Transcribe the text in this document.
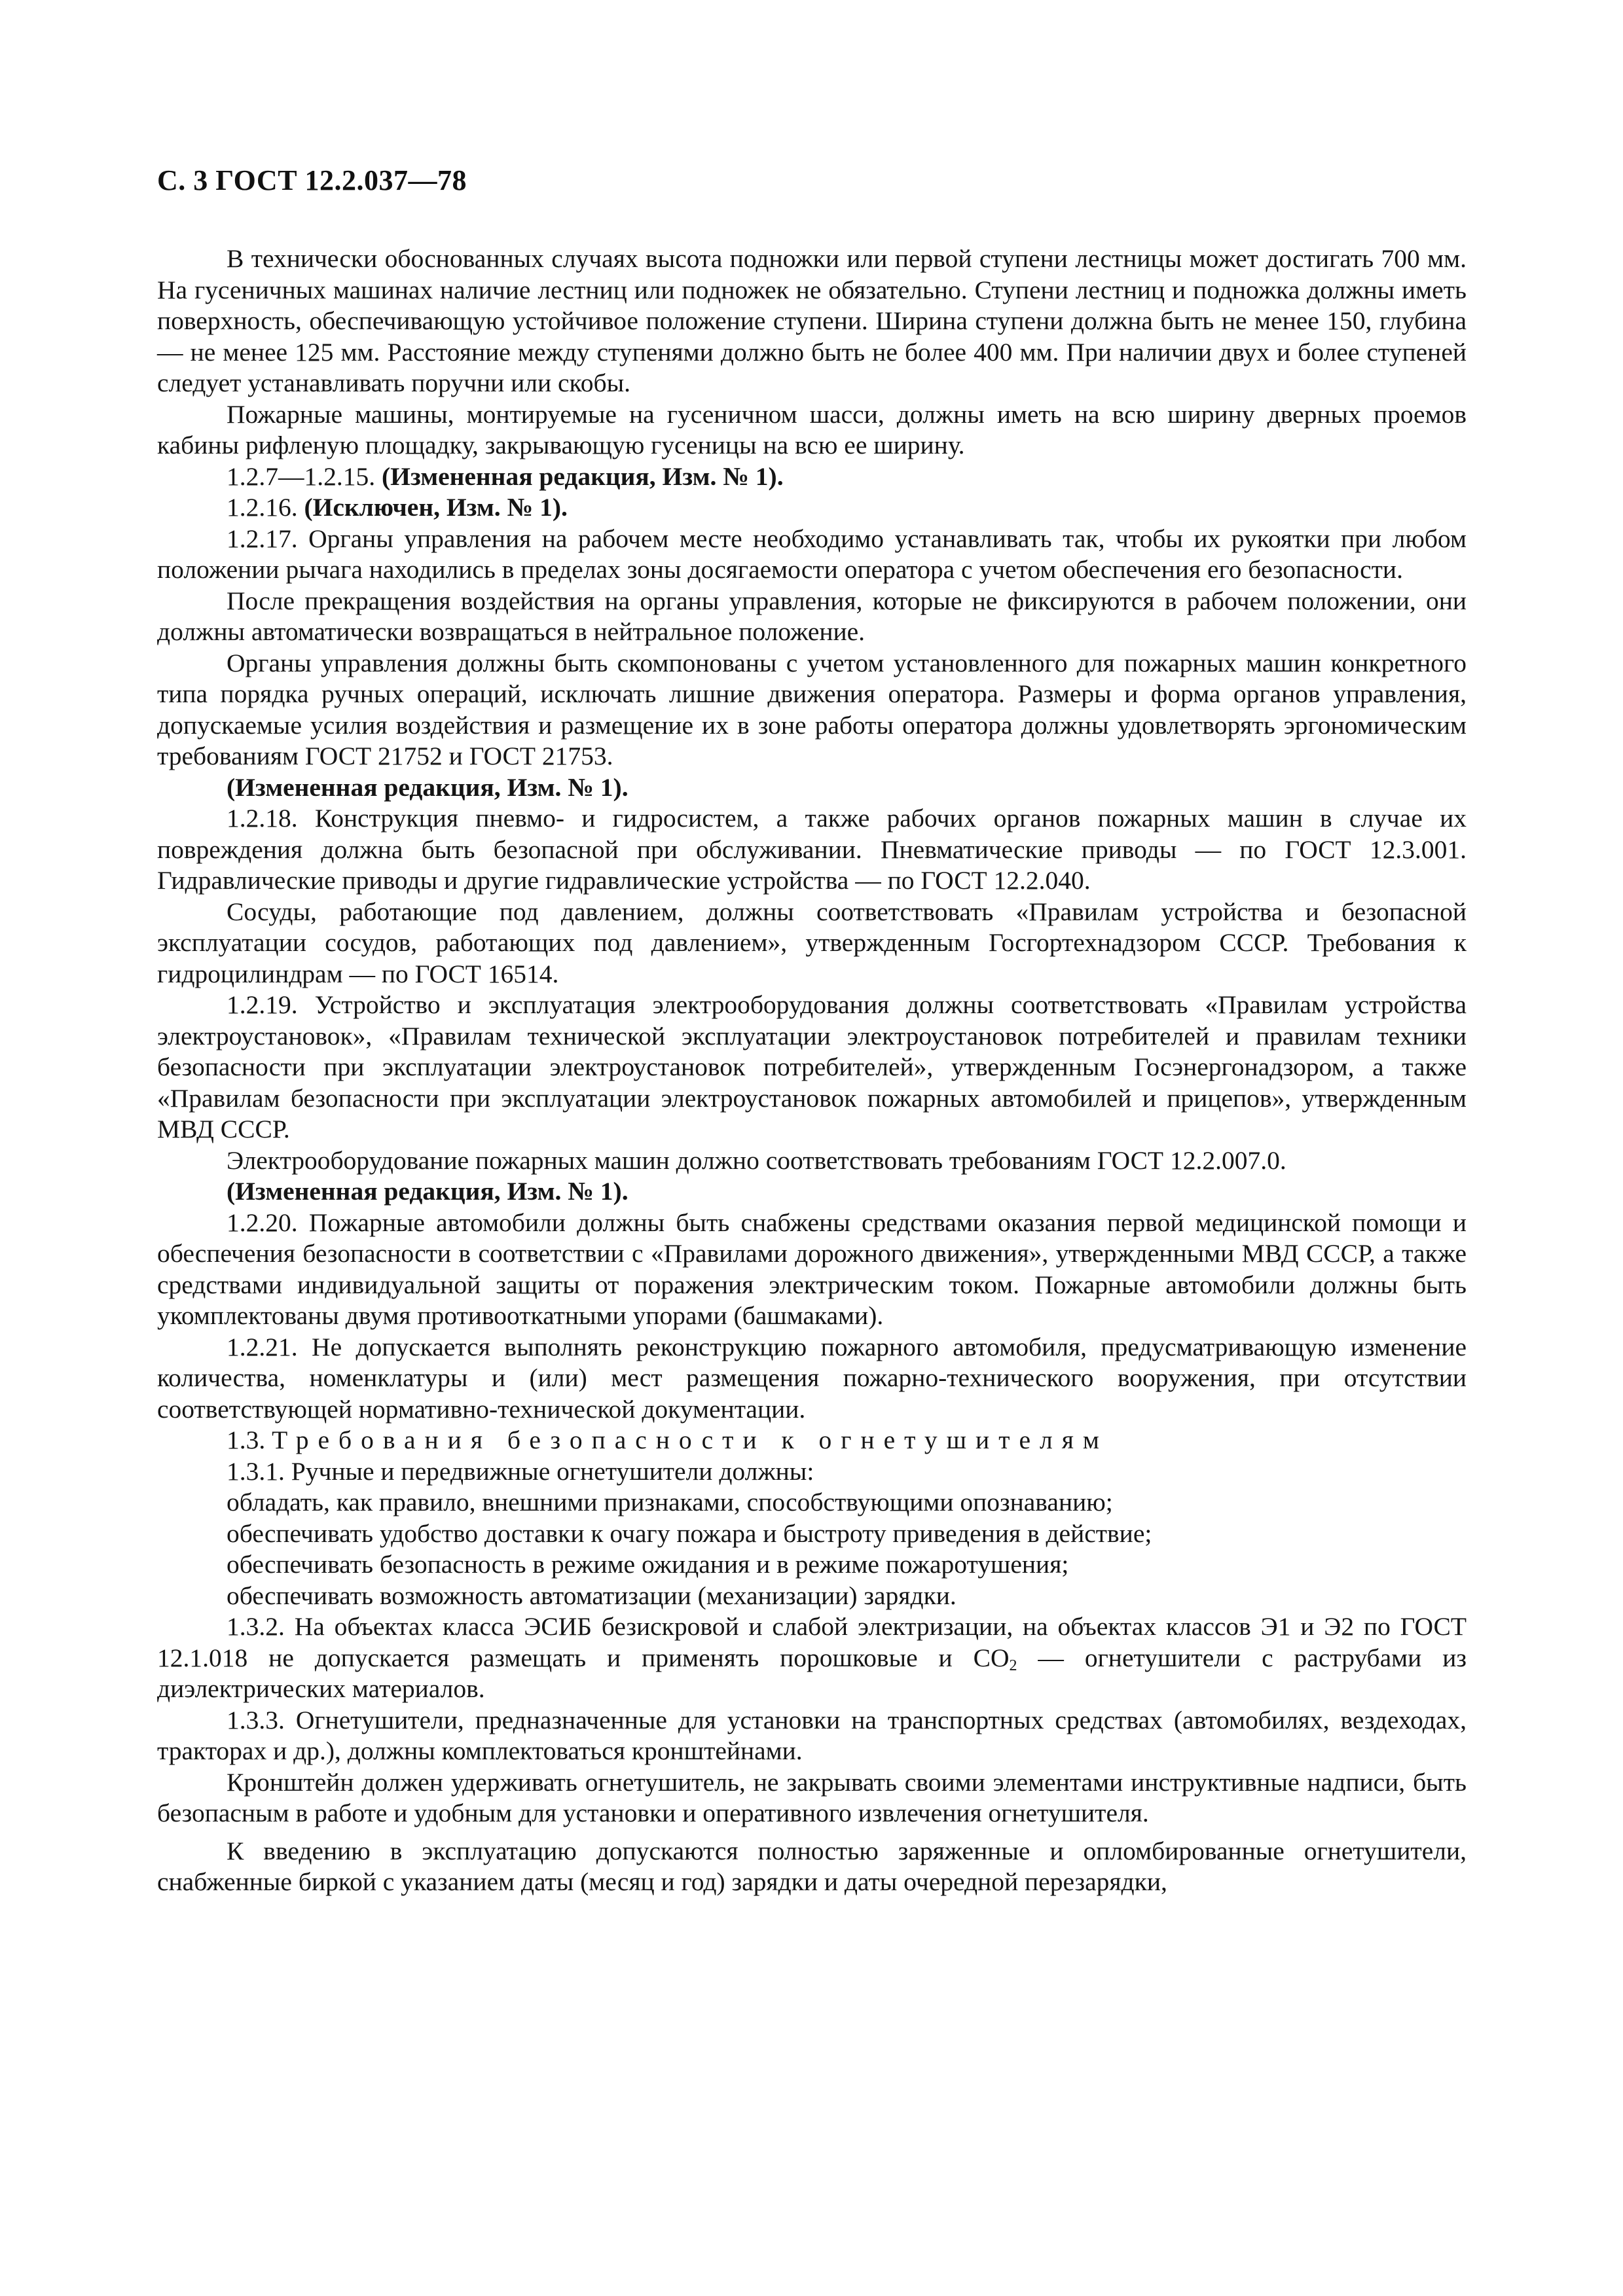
С. 3 ГОСТ 12.2.037—78

В технически обоснованных случаях высота подножки или первой ступени лестницы может достигать 700 мм. На гусеничных машинах наличие лестниц или подножек не обязательно. Ступени лестниц и подножка должны иметь поверхность, обеспечивающую устойчивое положение ступени. Ширина ступени должна быть не менее 150, глубина — не менее 125 мм. Расстояние между ступенями должно быть не более 400 мм. При наличии двух и более ступеней следует устанавливать поручни или скобы.

Пожарные машины, монтируемые на гусеничном шасси, должны иметь на всю ширину дверных проемов кабины рифленую площадку, закрывающую гусеницы на всю ее ширину.

1.2.7—1.2.15. (Измененная редакция, Изм. № 1).

1.2.16. (Исключен, Изм. № 1).

1.2.17. Органы управления на рабочем месте необходимо устанавливать так, чтобы их рукоятки при любом положении рычага находились в пределах зоны досягаемости оператора с учетом обеспечения его безопасности.

После прекращения воздействия на органы управления, которые не фиксируются в рабочем положении, они должны автоматически возвращаться в нейтральное положение.

Органы управления должны быть скомпонованы с учетом установленного для пожарных машин конкретного типа порядка ручных операций, исключать лишние движения оператора. Размеры и форма органов управления, допускаемые усилия воздействия и размещение их в зоне работы оператора должны удовлетворять эргономическим требованиям ГОСТ 21752 и ГОСТ 21753.

(Измененная редакция, Изм. № 1).

1.2.18. Конструкция пневмо- и гидросистем, а также рабочих органов пожарных машин в случае их повреждения должна быть безопасной при обслуживании. Пневматические приводы — по ГОСТ 12.3.001. Гидравлические приводы и другие гидравлические устройства — по ГОСТ 12.2.040.

Сосуды, работающие под давлением, должны соответствовать «Правилам устройства и безопасной эксплуатации сосудов, работающих под давлением», утвержденным Госгортехнадзором СССР. Требования к гидроцилиндрам — по ГОСТ 16514.

1.2.19. Устройство и эксплуатация электрооборудования должны соответствовать «Правилам устройства электроустановок», «Правилам технической эксплуатации электроустановок потребителей и правилам техники безопасности при эксплуатации электроустановок потребителей», утвержденным Госэнергонадзором, а также «Правилам безопасности при эксплуатации электроустановок пожарных автомобилей и прицепов», утвержденным МВД СССР.

Электрооборудование пожарных машин должно соответствовать требованиям ГОСТ 12.2.007.0.

(Измененная редакция, Изм. № 1).

1.2.20. Пожарные автомобили должны быть снабжены средствами оказания первой медицинской помощи и обеспечения безопасности в соответствии с «Правилами дорожного движения», утвержденными МВД СССР, а также средствами индивидуальной защиты от поражения электрическим током. Пожарные автомобили должны быть укомплектованы двумя противооткатными упорами (башмаками).

1.2.21. Не допускается выполнять реконструкцию пожарного автомобиля, предусматривающую изменение количества, номенклатуры и (или) мест размещения пожарно-технического вооружения, при отсутствии соответствующей нормативно-технической документации.

1.3. Требования безопасности к огнетушителям

1.3.1. Ручные и передвижные огнетушители должны:

обладать, как правило, внешними признаками, способствующими опознаванию;

обеспечивать удобство доставки к очагу пожара и быстроту приведения в действие;

обеспечивать безопасность в режиме ожидания и в режиме пожаротушения;

обеспечивать возможность автоматизации (механизации) зарядки.

1.3.2. На объектах класса ЭСИБ безискровой и слабой электризации, на объектах классов Э1 и Э2 по ГОСТ 12.1.018 не допускается размещать и применять порошковые и $СО_2$ — огнетушители с раструбами из диэлектрических материалов.

1.3.3. Огнетушители, предназначенные для установки на транспортных средствах (автомобилях, вездеходах, тракторах и др.), должны комплектоваться кронштейнами.

Кронштейн должен удерживать огнетушитель, не закрывать своими элементами инструктивные надписи, быть безопасным в работе и удобным для установки и оперативного извлечения огнетушителя.

К введению в эксплуатацию допускаются полностью заряженные и опломбированные огнетушители, снабженные биркой с указанием даты (месяц и год) зарядки и даты очередной перезарядки,
